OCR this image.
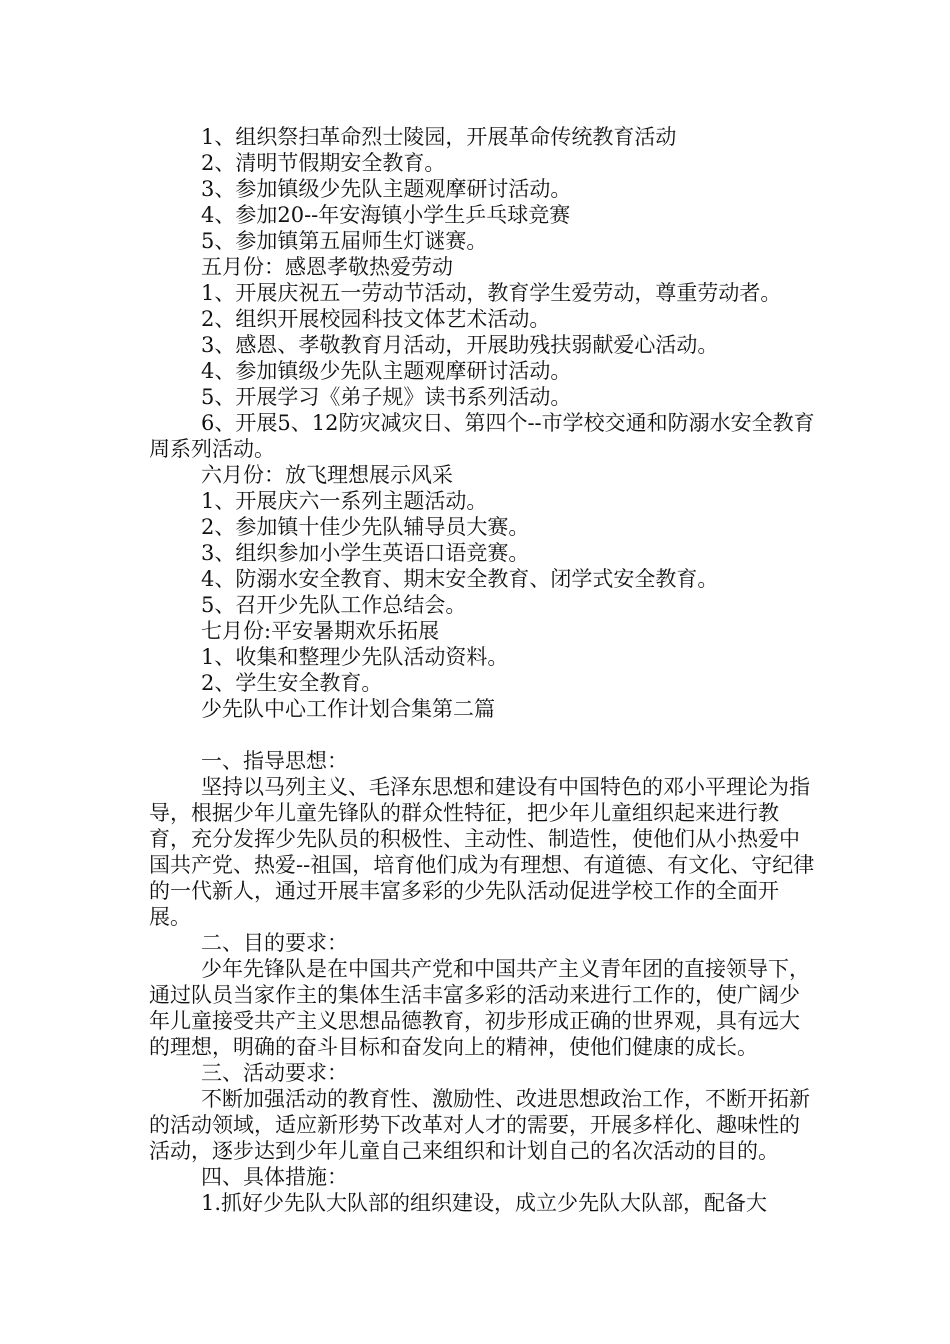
1、组织祭扫革命烈士陵园，开展革命传统教育活动

2、清明节假期安全教育。

3、参加镇级少先队主题观摩研讨活动。

4、参加20--年安海镇小学生乒乓球竞赛

5、参加镇第五届师生灯谜赛。

五月份：感恩孝敬热爱劳动

1、开展庆祝五一劳动节活动，教育学生爱劳动，尊重劳动者。

2、组织开展校园科技文体艺术活动。

3、感恩、孝敬教育月活动，开展助残扶弱献爱心活动。

4、参加镇级少先队主题观摩研讨活动。

5、开展学习《弟子规》读书系列活动。

6、开展5、12防灾减灾日、第四个--市学校交通和防溺水安全教育周系列活动。

六月份：放飞理想展示风采

1、开展庆六一系列主题活动。

2、参加镇十佳少先队辅导员大赛。

3、组织参加小学生英语口语竞赛。

4、防溺水安全教育、期末安全教育、闭学式安全教育。

5、召开少先队工作总结会。

七月份:平安暑期欢乐拓展

1、收集和整理少先队活动资料。

2、学生安全教育。

少先队中心工作计划合集第二篇

一、指导思想：

坚持以马列主义、毛泽东思想和建设有中国特色的邓小平理论为指导，根据少年儿童先锋队的群众性特征，把少年儿童组织起来进行教育，充分发挥少先队员的积极性、主动性、制造性，使他们从小热爱中国共产党、热爱--祖国，培育他们成为有理想、有道德、有文化、守纪律的一代新人，通过开展丰富多彩的少先队活动促进学校工作的全面开展。

二、目的要求：

少年先锋队是在中国共产党和中国共产主义青年团的直接领导下，通过队员当家作主的集体生活丰富多彩的活动来进行工作的，使广阔少年儿童接受共产主义思想品德教育，初步形成正确的世界观，具有远大的理想，明确的奋斗目标和奋发向上的精神，使他们健康的成长。

三、活动要求：

不断加强活动的教育性、激励性、改进思想政治工作，不断开拓新的活动领域，适应新形势下改革对人才的需要，开展多样化、趣味性的活动，逐步达到少年儿童自己来组织和计划自己的名次活动的目的。

四、具体措施：

1.抓好少先队大队部的组织建设，成立少先队大队部，配备大
